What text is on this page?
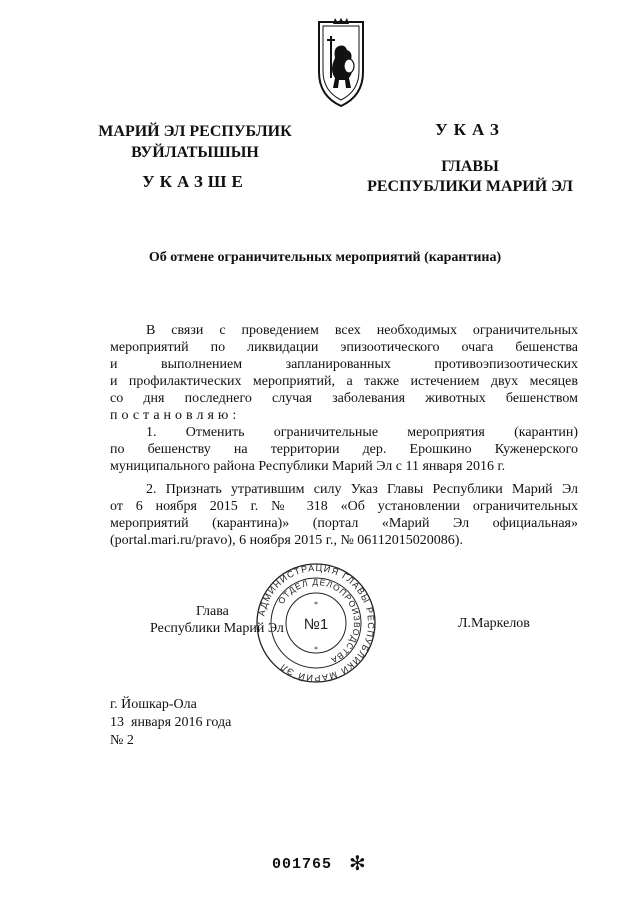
МАРИЙ ЭЛ РЕСПУБЛИК
ВУЙЛАТЫШЫН
УКАЗШЕ
УКАЗ
ГЛАВЫ
РЕСПУБЛИКИ МАРИЙ ЭЛ
Об отмене ограничительных мероприятий (карантина)
В связи с проведением всех необходимых ограничительных
мероприятий по ликвидации эпизоотического очага бешенства
и выполнением запланированных противоэпизоотических
и профилактических мероприятий, а также истечением двух месяцев
со дня последнего случая заболевания животных бешенством
постановляю:
1. Отменить ограничительные мероприятия (карантин)
по бешенству на территории дер. Ерошкино Куженерского
муниципального района Республики Марий Эл с 11 января 2016 г.
2. Признать утратившим силу Указ Главы Республики Марий Эл
от 6 ноября 2015 г. № 318 «Об установлении ограничительных
мероприятий (карантина)» (портал «Марий Эл официальная»
(portal.mari.ru/pravo), 6 ноября 2015 г., № 06112015020086).
Глава
Республики Марий Эл	Л.Маркелов
АДМИНИСТРАЦИЯ ГЛАВЫ РЕСПУБЛИКИ МАРИЙ ЭЛ
ОТДЕЛ ДЕЛОПРОИЗВОДСТВА
№1
*
*
г. Йошкар-Ола
13 января 2016 года
№ 2
001765 ✻
